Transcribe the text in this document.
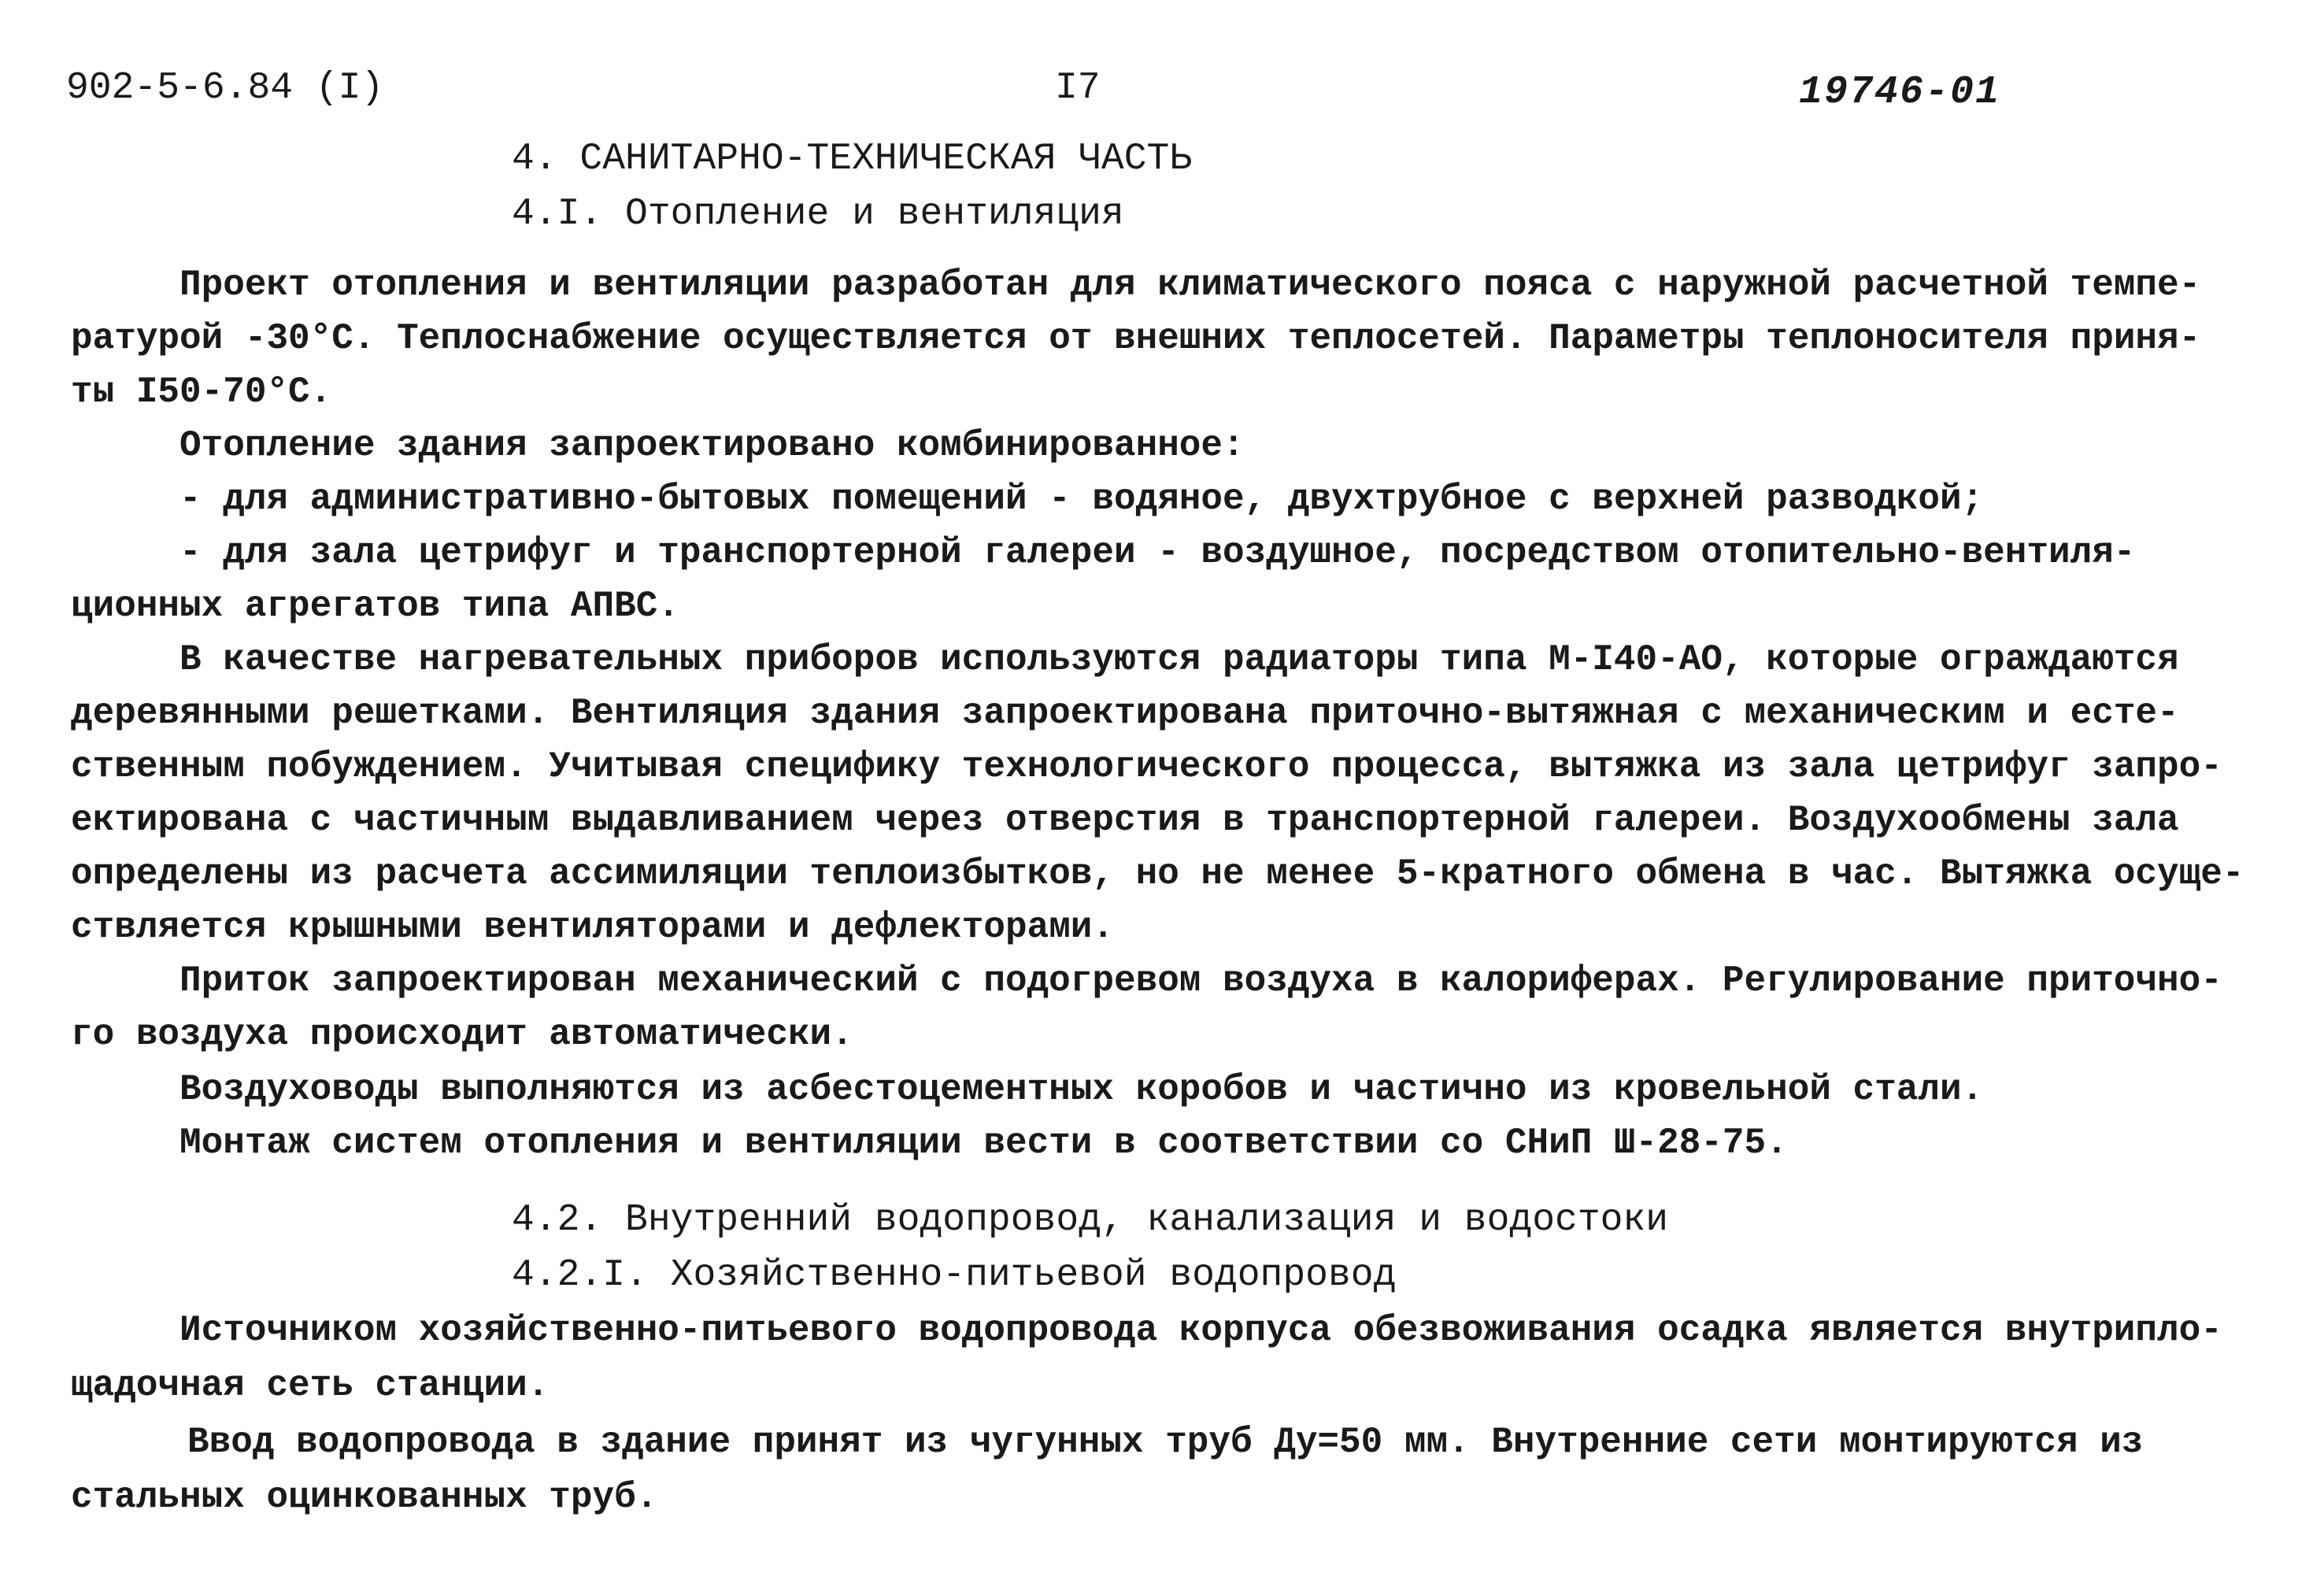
902-5-6.84 (I)	I7	19746-01
4. САНИТАРНО-ТЕХНИЧЕСКАЯ ЧАСТЬ
4.I. Отопление и вентиляция
Проект отопления и вентиляции разработан для климатического пояса с наружной расчетной темпе-
ратурой -30°С. Теплоснабжение осуществляется от внешних теплосетей. Параметры теплоносителя приня-
ты I50-70°С.
Отопление здания запроектировано комбинированное:
- для административно-бытовых помещений - водяное, двухтрубное с верхней разводкой;
- для зала цетрифуг и транспортерной галереи - воздушное, посредством отопительно-вентиля-
ционных агрегатов типа АПВС.
В качестве нагревательных приборов используются радиаторы типа М-I40-АО, которые ограждаются
деревянными решетками. Вентиляция здания запроектирована приточно-вытяжная с механическим и есте-
ственным побуждением. Учитывая специфику технологического процесса, вытяжка из зала цетрифуг запро-
ектирована с частичным выдавливанием через отверстия в транспортерной галереи. Воздухообмены зала
определены из расчета ассимиляции теплоизбытков, но не менее 5-кратного обмена в час. Вытяжка осуще-
ствляется крышными вентиляторами и дефлекторами.
Приток запроектирован механический с подогревом воздуха в калориферах. Регулирование приточно-
го воздуха происходит автоматически.
Воздуховоды выполняются из асбестоцементных коробов и частично из кровельной стали.
Монтаж систем отопления и вентиляции вести в соответствии со СНиП Ш-28-75.
4.2. Внутренний водопровод, канализация и водостоки
4.2.I. Хозяйственно-питьевой водопровод
Источником хозяйственно-питьевого водопровода корпуса обезвоживания осадка является внутрипло-
щадочная сеть станции.
Ввод водопровода в здание принят из чугунных труб Ду=50 мм. Внутренние сети монтируются из
стальных оцинкованных труб.
